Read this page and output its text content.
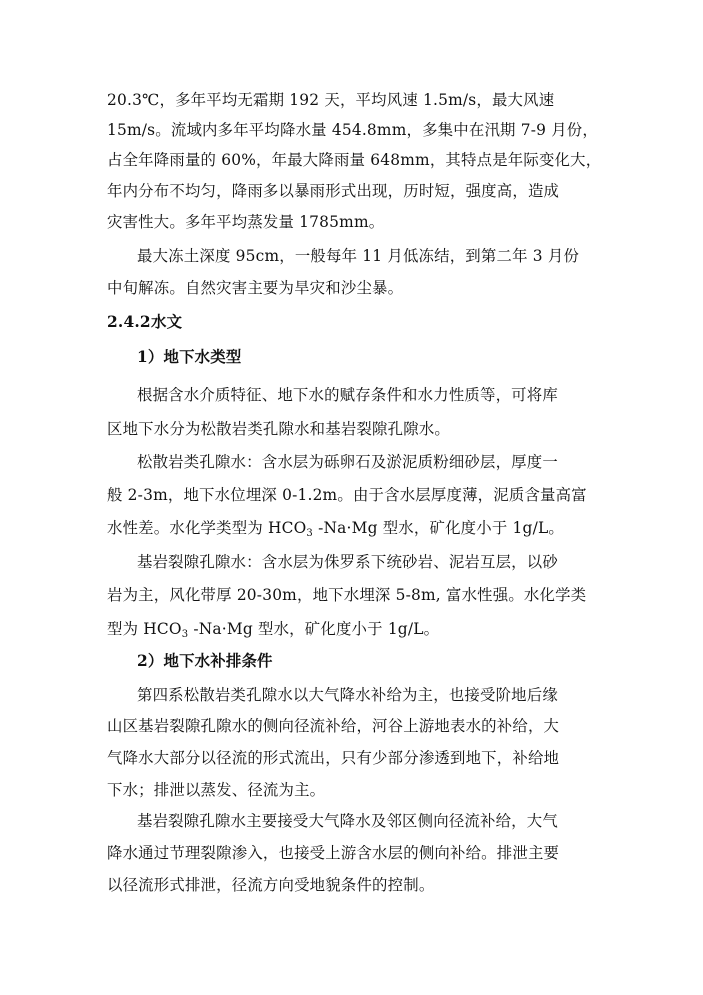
20.3℃，多年平均无霜期 192 天，平均风速 1.5m/s，最大风速
15m/s。流域内多年平均降水量 454.8mm，多集中在汛期 7-9 月份，
占全年降雨量的 60%，年最大降雨量 648mm，其特点是年际变化大，
年内分布不均匀，降雨多以暴雨形式出现，历时短，强度高，造成
灾害性大。多年平均蒸发量 1785mm。
最大冻土深度 95cm，一般每年 11 月低冻结，到第二年 3 月份
中旬解冻。自然灾害主要为旱灾和沙尘暴。
2.4.2水文
1）地下水类型
根据含水介质特征、地下水的赋存条件和水力性质等，可将库
区地下水分为松散岩类孔隙水和基岩裂隙孔隙水。
松散岩类孔隙水：含水层为砾卵石及淤泥质粉细砂层，厚度一
般 2-3m，地下水位埋深 0-1.2m。由于含水层厚度薄，泥质含量高富
水性差。水化学类型为 $HCO_3$ -Na·Mg 型水，矿化度小于 1g/L。
基岩裂隙孔隙水：含水层为侏罗系下统砂岩、泥岩互层，以砂
岩为主，风化带厚 20-30m，地下水埋深 5-8m, 富水性强。水化学类
型为 $HCO_3$ -Na·Mg 型水，矿化度小于 1g/L。
2）地下水补排条件
第四系松散岩类孔隙水以大气降水补给为主，也接受阶地后缘
山区基岩裂隙孔隙水的侧向径流补给，河谷上游地表水的补给，大
气降水大部分以径流的形式流出，只有少部分渗透到地下，补给地
下水；排泄以蒸发、径流为主。
基岩裂隙孔隙水主要接受大气降水及邻区侧向径流补给，大气
降水通过节理裂隙渗入，也接受上游含水层的侧向补给。排泄主要
以径流形式排泄，径流方向受地貌条件的控制。
